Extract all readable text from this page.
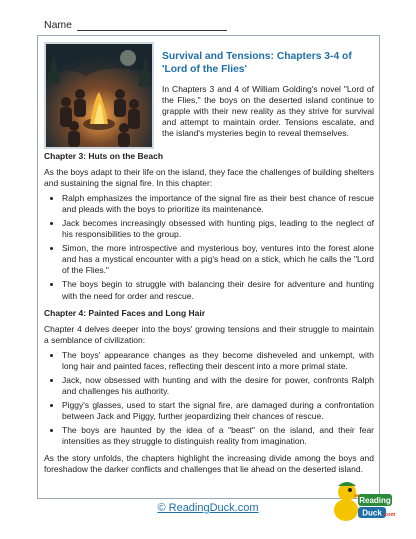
Name
Survival and Tensions: Chapters 3-4 of 'Lord of the Flies'
In Chapters 3 and 4 of William Golding's novel "Lord of the Flies," the boys on the deserted island continue to grapple with their new reality as they strive for survival and attempt to maintain order. Tensions escalate, and the island's mysteries begin to reveal themselves.
Chapter 3: Huts on the Beach

As the boys adapt to their life on the island, they face the challenges of building shelters and sustaining the signal fire. In this chapter:

• Ralph emphasizes the importance of the signal fire as their best chance of rescue and pleads with the boys to prioritize its maintenance.
• Jack becomes increasingly obsessed with hunting pigs, leading to the neglect of his responsibilities to the group.
• Simon, the more introspective and mysterious boy, ventures into the forest alone and has a mystical encounter with a pig's head on a stick, which he calls the "Lord of the Flies."
• The boys begin to struggle with balancing their desire for adventure and hunting with the need for order and rescue.
Chapter 4: Painted Faces and Long Hair

Chapter 4 delves deeper into the boys' growing tensions and their struggle to maintain a semblance of civilization:

• The boys' appearance changes as they become disheveled and unkempt, with long hair and painted faces, reflecting their descent into a more primal state.
• Jack, now obsessed with hunting and with the desire for power, confronts Ralph and challenges his authority.
• Piggy's glasses, used to start the signal fire, are damaged during a confrontation between Jack and Piggy, further jeopardizing their chances of rescue.
• The boys are haunted by the idea of a "beast" on the island, and their fear intensities as they struggle to distinguish reality from imagination.

As the story unfolds, the chapters highlight the increasing divide among the boys and foreshadow the darker conflicts and challenges that lie ahead on the deserted island.

© ReadingDuck.com
Reading
Duck .com
